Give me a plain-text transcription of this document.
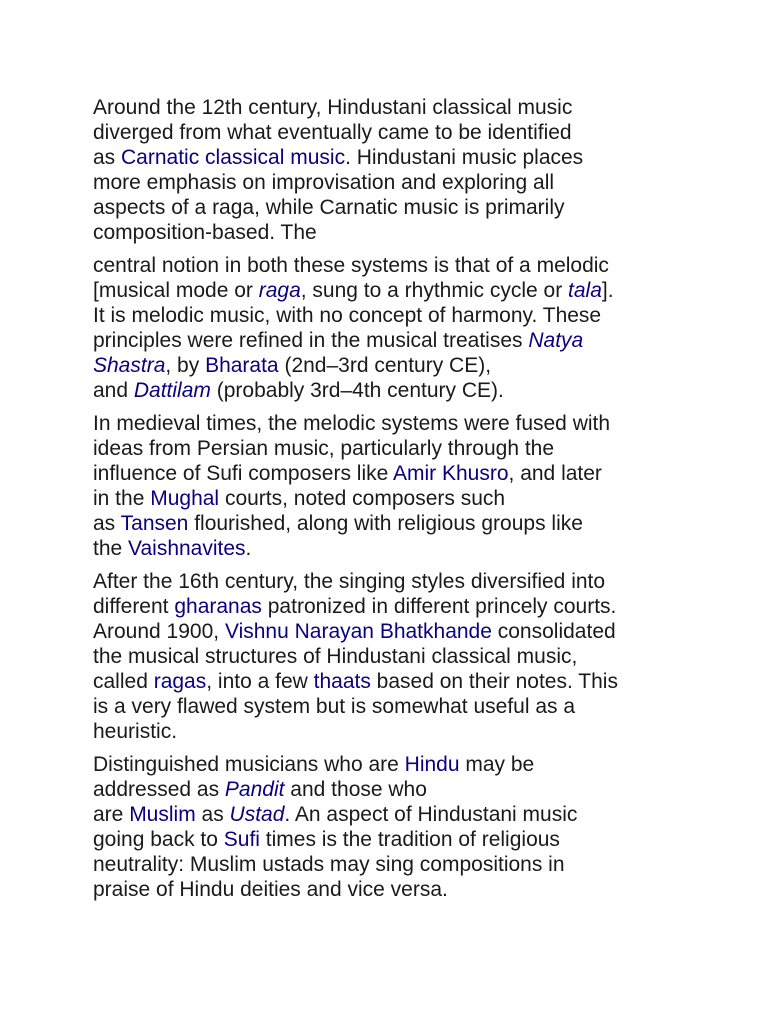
Around the 12th century, Hindustani classical music
diverged from what eventually came to be identified
as Carnatic classical music. Hindustani music places
more emphasis on improvisation and exploring all
aspects of a raga, while Carnatic music is primarily
composition-based. The
central notion in both these systems is that of a melodic
[musical mode or raga, sung to a rhythmic cycle or tala].
It is melodic music, with no concept of harmony. These
principles were refined in the musical treatises Natya
Shastra, by Bharata (2nd–3rd century CE),
and Dattilam (probably 3rd–4th century CE).
In medieval times, the melodic systems were fused with
ideas from Persian music, particularly through the
influence of Sufi composers like Amir Khusro, and later
in the Mughal courts, noted composers such
as Tansen flourished, along with religious groups like
the Vaishnavites.
After the 16th century, the singing styles diversified into
different gharanas patronized in different princely courts.
Around 1900, Vishnu Narayan Bhatkhande consolidated
the musical structures of Hindustani classical music,
called ragas, into a few thaats based on their notes. This
is a very flawed system but is somewhat useful as a
heuristic.
Distinguished musicians who are Hindu may be
addressed as Pandit and those who
are Muslim as Ustad. An aspect of Hindustani music
going back to Sufi times is the tradition of religious
neutrality: Muslim ustads may sing compositions in
praise of Hindu deities and vice versa.
